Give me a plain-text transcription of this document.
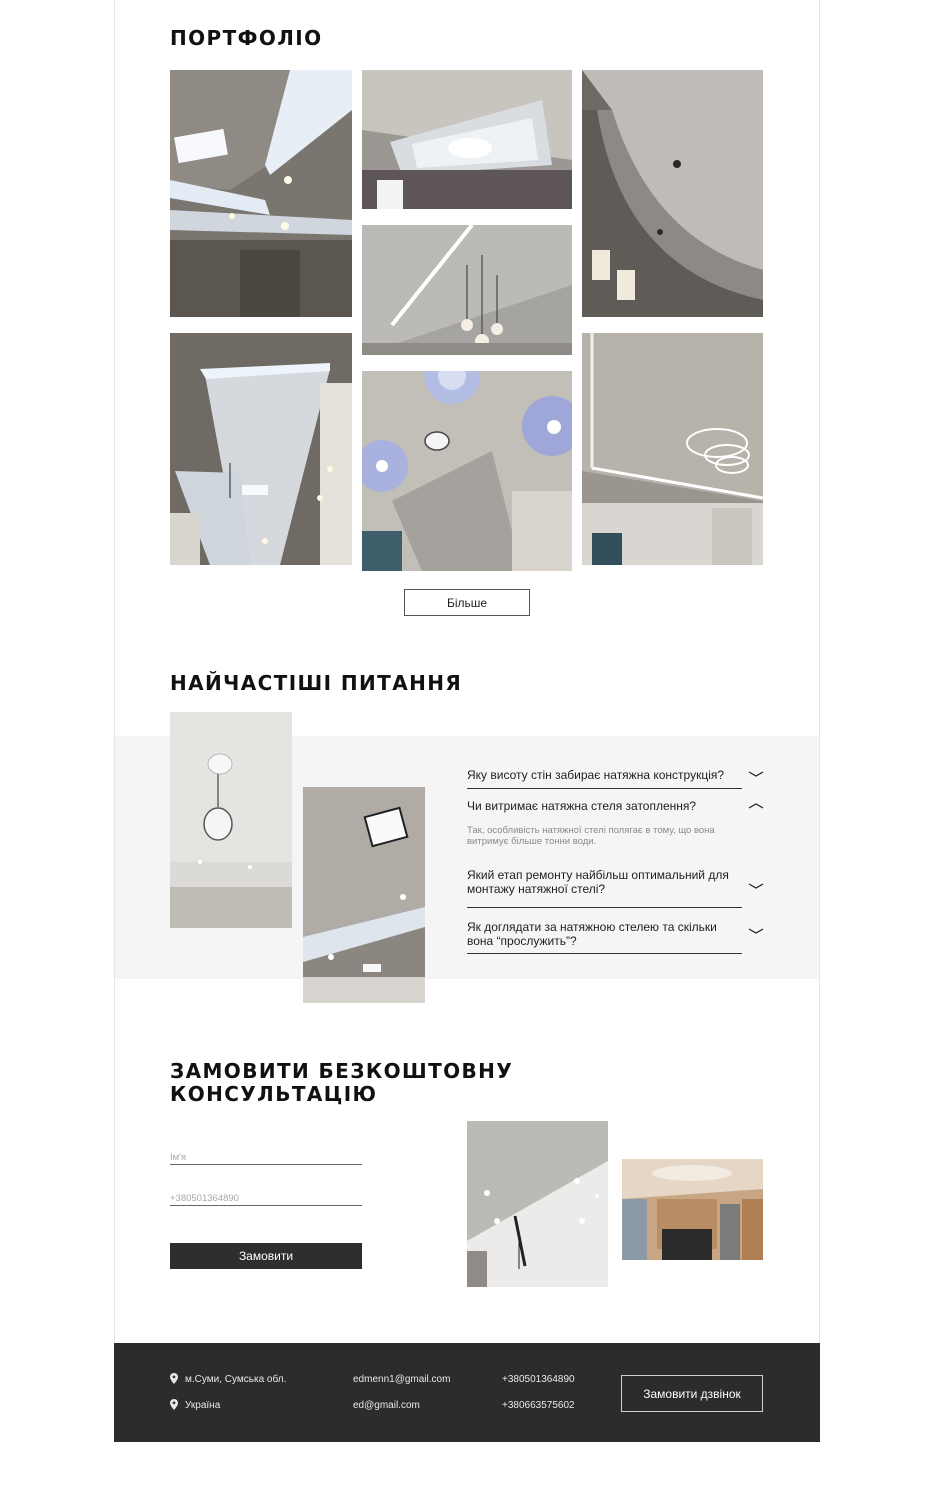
ПОРТФОЛІО
Більше
НАЙЧАСТІШІ ПИТАННЯ
Яку висоту стін забирає натяжна конструкція?
Чи витримає натяжна стеля затоплення?
Так, особливість натяжної стелі полягає в тому, що вона витримує більше тонни води.
Який етап ремонту найбільш оптимальний для монтажу натяжної стелі?
Як доглядати за натяжною стелею та скільки вона “прослужить”?
ЗАМОВИТИ БЕЗКОШТОВНУ КОНСУЛЬТАЦІЮ
Ім'я
+380501364890
Замовити
м.Суми, Сумська обл.
Україна
edmenn1@gmail.com
ed@gmail.com
+380501364890
+380663575602
Замовити дзвінок
